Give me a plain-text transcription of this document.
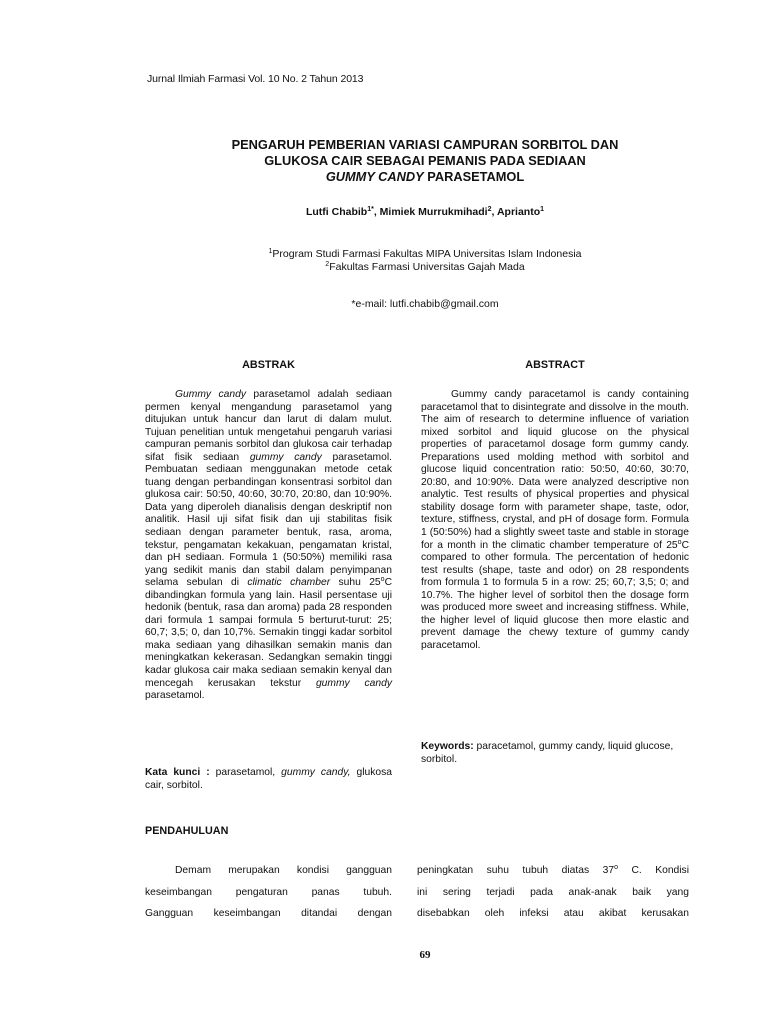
Jurnal Ilmiah Farmasi Vol. 10 No. 2 Tahun 2013
PENGARUH PEMBERIAN VARIASI CAMPURAN SORBITOL DAN
GLUKOSA CAIR SEBAGAI PEMANIS PADA SEDIAAN
GUMMY CANDY PARASETAMOL
Lutfi Chabib$^{1*}$, Mimiek Murrukmihadi$^2$, Aprianto$^1$
$^1$Program Studi Farmasi Fakultas MIPA Universitas Islam Indonesia
$^2$Fakultas Farmasi Universitas Gajah Mada
*e-mail: lutfi.chabib@gmail.com
ABSTRAK	ABSTRACT

Gummy candy parasetamol adalah sediaan permen kenyal mengandung parasetamol yang ditujukan untuk hancur dan larut di dalam mulut. Tujuan penelitian untuk mengetahui pengaruh variasi campuran pemanis sorbitol dan glukosa cair terhadap sifat fisik sediaan gummy candy parasetamol. Pembuatan sediaan menggunakan metode cetak tuang dengan perbandingan konsentrasi sorbitol dan glukosa cair: 50:50, 40:60, 30:70, 20:80, dan 10:90%. Data yang diperoleh dianalisis dengan deskriptif non analitik. Hasil uji sifat fisik dan uji stabilitas fisik sediaan dengan parameter bentuk, rasa, aroma, tekstur, pengamatan kekakuan, pengamatan kristal, dan pH sediaan. Formula 1 (50:50%) memiliki rasa yang sedikit manis dan stabil dalam penyimpanan selama sebulan di climatic chamber suhu 25$^o$C dibandingkan formula yang lain. Hasil persentase uji hedonik (bentuk, rasa dan aroma) pada 28 responden dari formula 1 sampai formula 5 berturut-turut: 25; 60,7; 3,5; 0, dan 10,7%. Semakin tinggi kadar sorbitol maka sediaan yang dihasilkan semakin manis dan meningkatkan kekerasan. Sedangkan semakin tinggi kadar glukosa cair maka sediaan semakin kenyal dan mencegah kerusakan tekstur gummy candy parasetamol.

Kata kunci : parasetamol, gummy candy, glukosa cair, sorbitol.

Gummy candy paracetamol is candy containing paracetamol that to disintegrate and dissolve in the mouth. The aim of research to determine influence of variation mixed sorbitol and liquid glucose on the physical properties of paracetamol dosage form gummy candy. Preparations used molding method with sorbitol and glucose liquid concentration ratio: 50:50, 40:60, 30:70, 20:80, and 10:90%. Data were analyzed descriptive non analytic. Test results of physical properties and physical stability dosage form with parameter shape, taste, odor, texture, stiffness, crystal, and pH of dosage form. Formula 1 (50:50%) had a slightly sweet taste and stable in storage for a month in the climatic chamber temperature of 25$^o$C compared to other formula. The percentation of hedonic test results (shape, taste and odor) on 28 respondents from formula 1 to formula 5 in a row: 25; 60,7; 3,5; 0; and 10.7%. The higher level of sorbitol then the dosage form was produced more sweet and increasing stiffness. While, the higher level of liquid glucose then more elastic and prevent damage the chewy texture of gummy candy paracetamol.

Keywords: paracetamol, gummy candy, liquid glucose, sorbitol.
PENDAHULUAN
Demam merupakan kondisi gangguan
keseimbangan pengaturan panas tubuh.
Gangguan keseimbangan ditandai dengan
peningkatan suhu tubuh diatas 37$^o$ C. Kondisi
ini sering terjadi pada anak-anak baik yang
disebabkan oleh infeksi atau akibat kerusakan
69
